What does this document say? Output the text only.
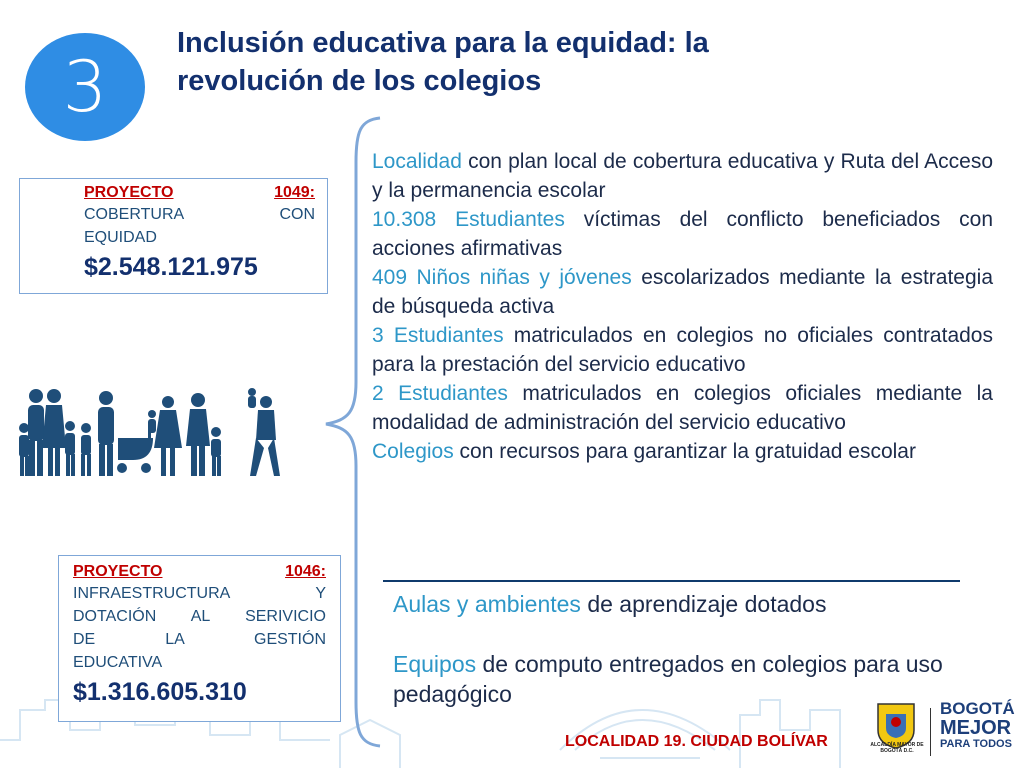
3
Inclusión educativa para la equidad: la revolución de los colegios
PROYECTO	1049:
COBERTURA CON
EQUIDAD
$2.548.121.975
PROYECTO	1046:
INFRAESTRUCTURA Y
DOTACIÓN AL SERIVICIO
DE LA GESTIÓN
EDUCATIVA
$1.316.605.310
Localidad con plan local de cobertura educativa y Ruta del Acceso y la permanencia escolar
10.308 Estudiantes víctimas del conflicto beneficiados con acciones afirmativas
409 Niños niñas y jóvenes escolarizados mediante la estrategia de búsqueda activa
3 Estudiantes matriculados en colegios no oficiales contratados para la prestación del servicio educativo
2 Estudiantes matriculados en colegios oficiales mediante la modalidad de administración del servicio educativo
Colegios con recursos para garantizar la gratuidad escolar

Aulas y ambientes de aprendizaje dotados

Equipos de computo entregados en colegios para uso pedagógico

LOCALIDAD 19. CIUDAD BOLÍVAR	ALCALDÍA MAYOR DE BOGOTÁ D.C.
BOGOTÁ
MEJOR
PARA TODOS
